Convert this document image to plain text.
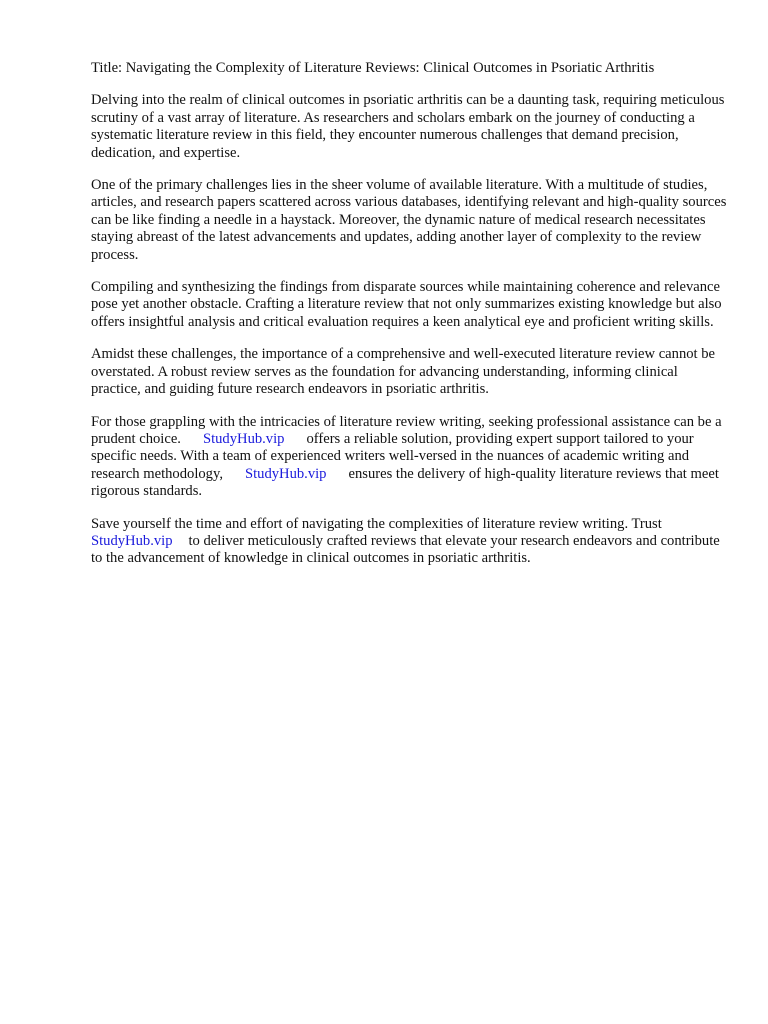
Title: Navigating the Complexity of Literature Reviews: Clinical Outcomes in Psoriatic Arthritis

Delving into the realm of clinical outcomes in psoriatic arthritis can be a daunting task, requiring meticulous scrutiny of a vast array of literature. As researchers and scholars embark on the journey of conducting a systematic literature review in this field, they encounter numerous challenges that demand precision, dedication, and expertise.

One of the primary challenges lies in the sheer volume of available literature. With a multitude of studies, articles, and research papers scattered across various databases, identifying relevant and high-quality sources can be like finding a needle in a haystack. Moreover, the dynamic nature of medical research necessitates staying abreast of the latest advancements and updates, adding another layer of complexity to the review process.

Compiling and synthesizing the findings from disparate sources while maintaining coherence and relevance pose yet another obstacle. Crafting a literature review that not only summarizes existing knowledge but also offers insightful analysis and critical evaluation requires a keen analytical eye and proficient writing skills.

Amidst these challenges, the importance of a comprehensive and well-executed literature review cannot be overstated. A robust review serves as the foundation for advancing understanding, informing clinical practice, and guiding future research endeavors in psoriatic arthritis.

For those grappling with the intricacies of literature review writing, seeking professional assistance can be a prudent choice. StudyHub.vip offers a reliable solution, providing expert support tailored to your specific needs. With a team of experienced writers well-versed in the nuances of academic writing and research methodology, StudyHub.vip ensures the delivery of high-quality literature reviews that meet rigorous standards.

Save yourself the time and effort of navigating the complexities of literature review writing. Trust StudyHub.vip to deliver meticulously crafted reviews that elevate your research endeavors and contribute to the advancement of knowledge in clinical outcomes in psoriatic arthritis.
